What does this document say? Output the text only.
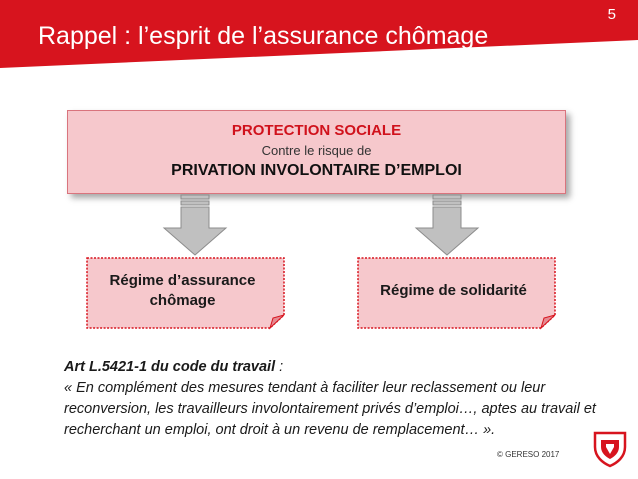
Rappel : l’esprit de l’assurance chômage
5
PROTECTION SOCIALE
Contre le risque de
PRIVATION INVOLONTAIRE D’EMPLOI
Régime d’assurance
chômage
Régime de solidarité
Art L.5421-1 du code du travail :
« En complément des mesures tendant à faciliter leur reclassement ou leur reconversion, les travailleurs involontairement privés d’emploi…, aptes au travail et recherchant un emploi, ont droit à un revenu de remplacement… ».
© GERESO 2017
